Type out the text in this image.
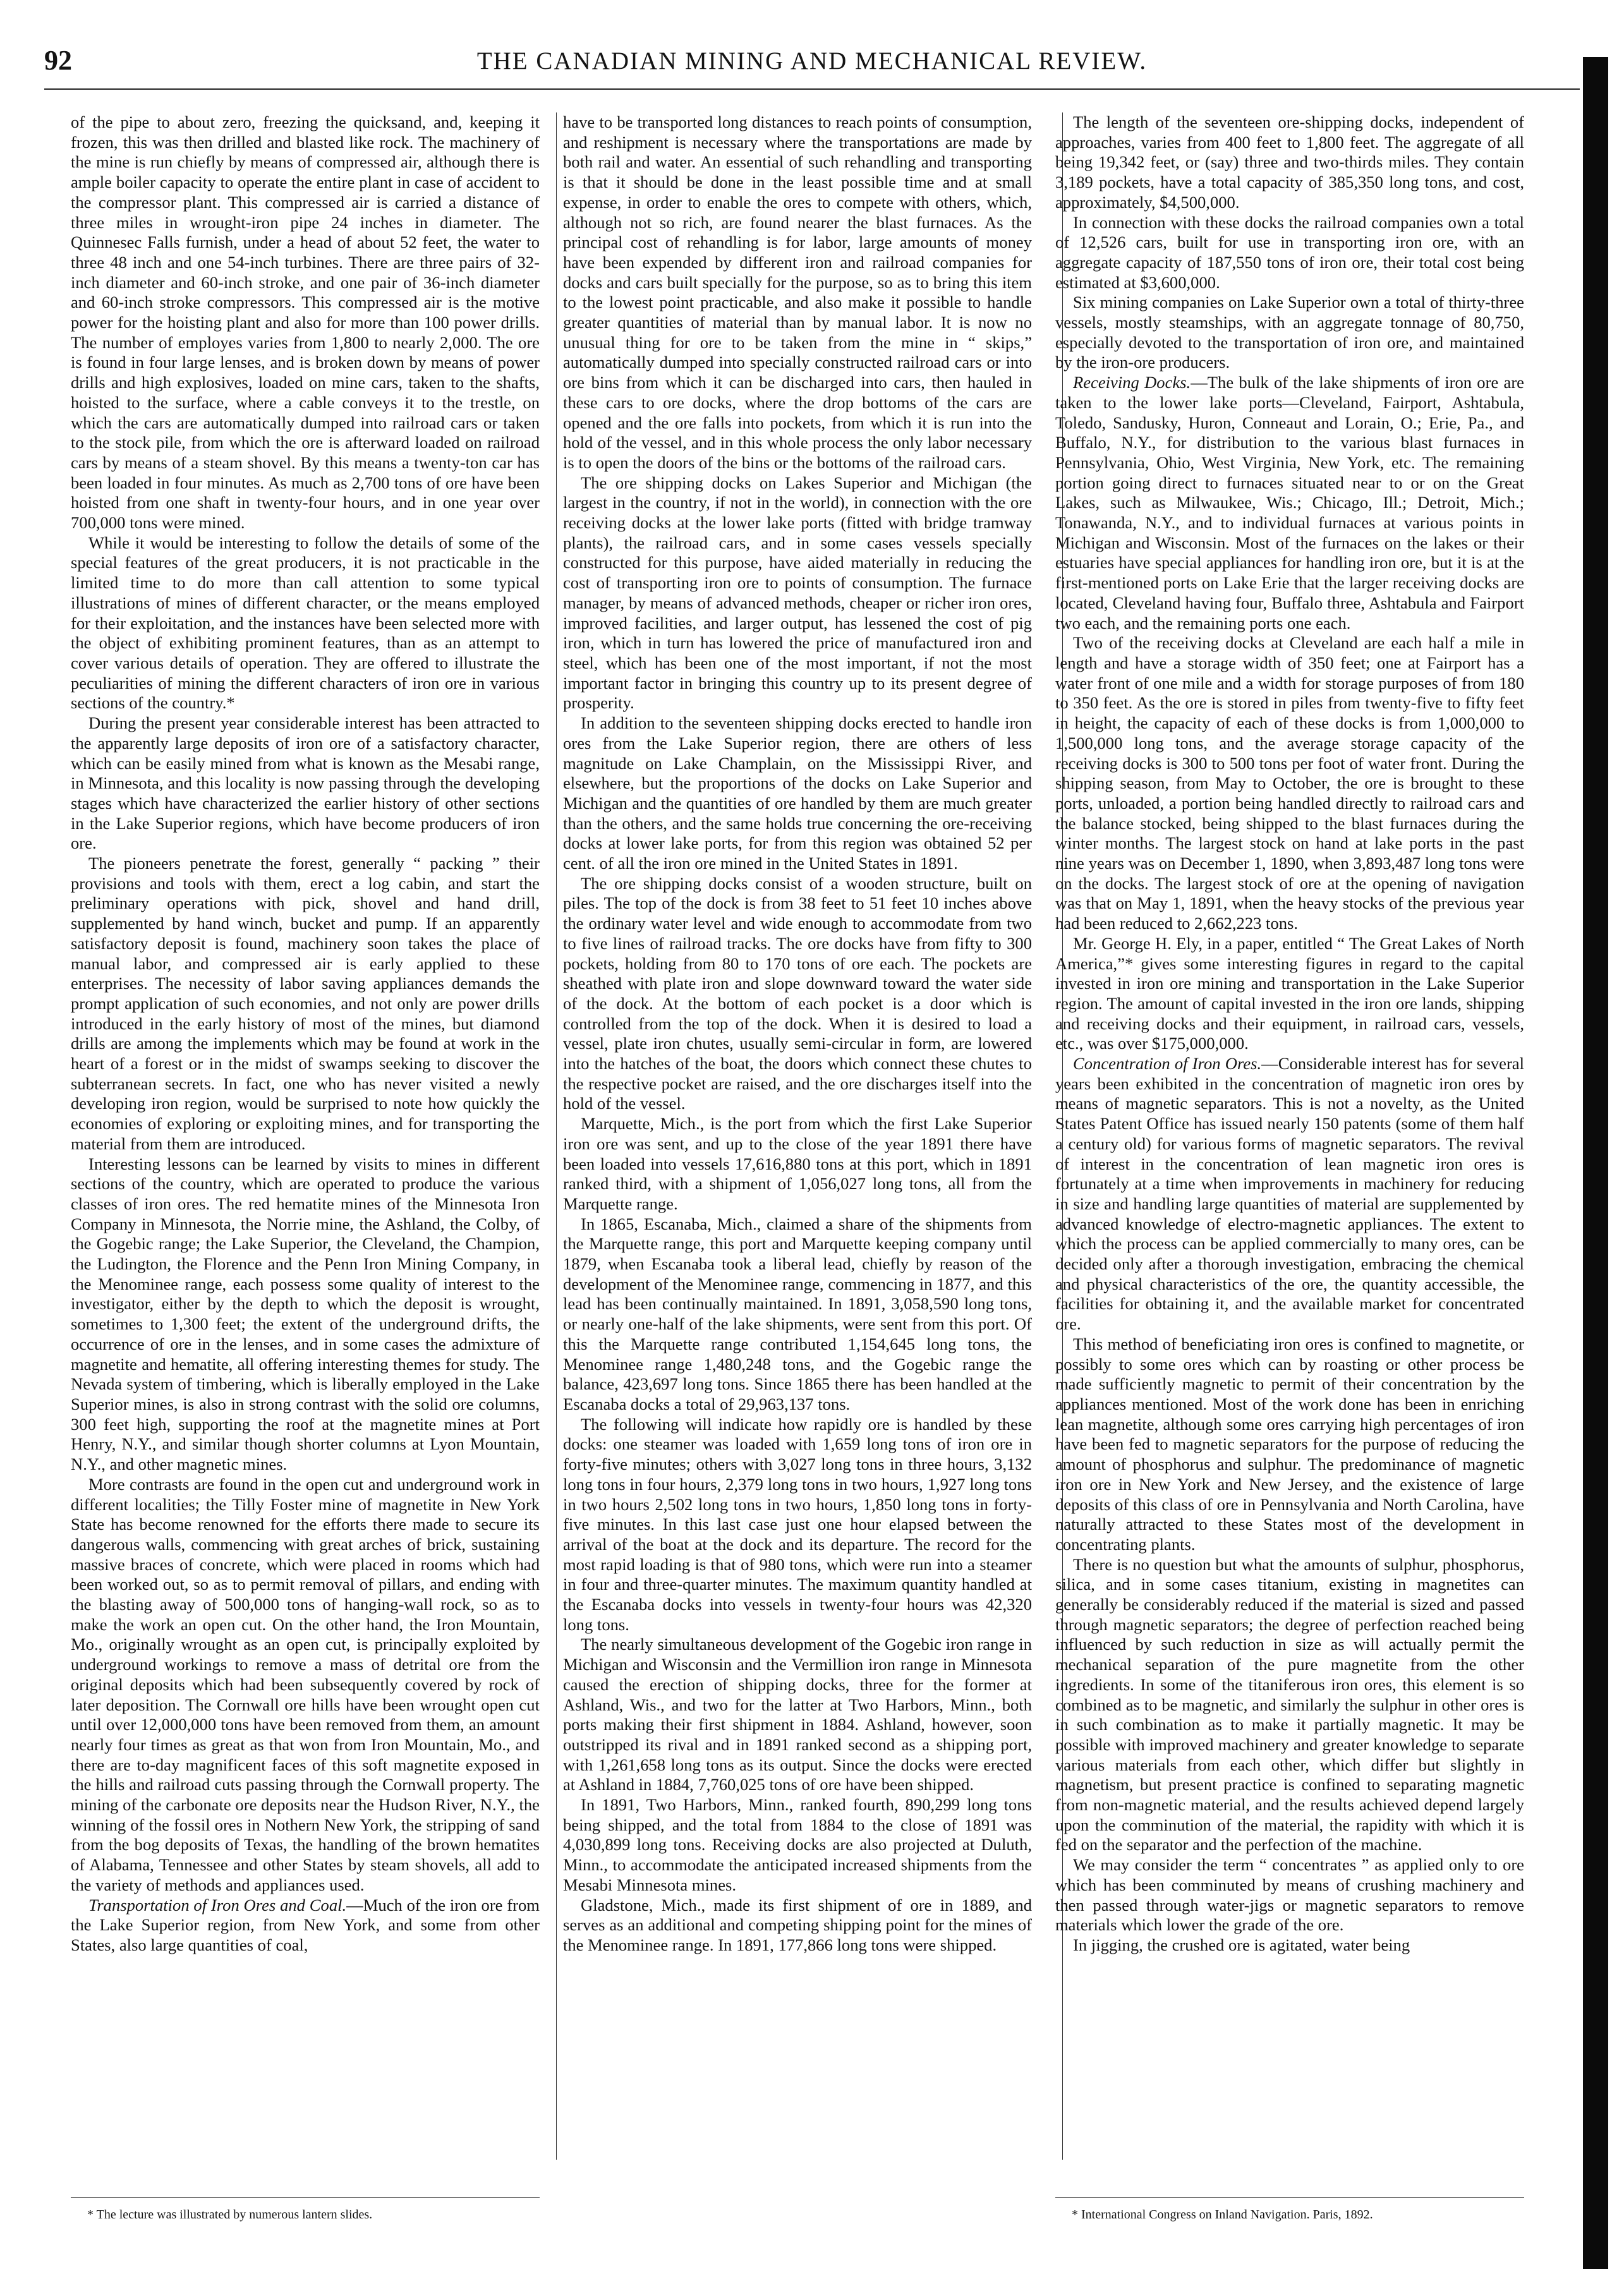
92	THE CANADIAN MINING AND MECHANICAL REVIEW.

of the pipe to about zero, freezing the quicksand, and, keeping it frozen, this was then drilled and blasted like rock. The machinery of the mine is run chiefly by means of compressed air, although there is ample boiler capacity to operate the entire plant in case of accident to the compressor plant. This compressed air is carried a distance of three miles in wrought-iron pipe 24 inches in diameter. The Quinnesec Falls furnish, under a head of about 52 feet, the water to three 48 inch and one 54-inch turbines. There are three pairs of 32-inch diameter and 60-inch stroke, and one pair of 36-inch diameter and 60-inch stroke compressors. This compressed air is the motive power for the hoisting plant and also for more than 100 power drills. The number of employes varies from 1,800 to nearly 2,000. The ore is found in four large lenses, and is broken down by means of power drills and high explosives, loaded on mine cars, taken to the shafts, hoisted to the surface, where a cable conveys it to the trestle, on which the cars are automatically dumped into railroad cars or taken to the stock pile, from which the ore is afterward loaded on railroad cars by means of a steam shovel. By this means a twenty-ton car has been loaded in four minutes. As much as 2,700 tons of ore have been hoisted from one shaft in twenty-four hours, and in one year over 700,000 tons were mined.

While it would be interesting to follow the details of some of the special features of the great producers, it is not practicable in the limited time to do more than call attention to some typical illustrations of mines of different character, or the means employed for their exploitation, and the instances have been selected more with the object of exhibiting prominent features, than as an attempt to cover various details of operation. They are offered to illustrate the peculiarities of mining the different characters of iron ore in various sections of the country.*

During the present year considerable interest has been attracted to the apparently large deposits of iron ore of a satisfactory character, which can be easily mined from what is known as the Mesabi range, in Minnesota, and this locality is now passing through the developing stages which have characterized the earlier history of other sections in the Lake Superior regions, which have become producers of iron ore.

The pioneers penetrate the forest, generally “ packing ” their provisions and tools with them, erect a log cabin, and start the preliminary operations with pick, shovel and hand drill, supplemented by hand winch, bucket and pump. If an apparently satisfactory deposit is found, machinery soon takes the place of manual labor, and compressed air is early applied to these enterprises. The necessity of labor saving appliances demands the prompt application of such economies, and not only are power drills introduced in the early history of most of the mines, but diamond drills are among the implements which may be found at work in the heart of a forest or in the midst of swamps seeking to discover the subterranean secrets. In fact, one who has never visited a newly developing iron region, would be surprised to note how quickly the economies of exploring or exploiting mines, and for transporting the material from them are introduced.

Interesting lessons can be learned by visits to mines in different sections of the country, which are operated to produce the various classes of iron ores. The red hematite mines of the Minnesota Iron Company in Minnesota, the Norrie mine, the Ashland, the Colby, of the Gogebic range; the Lake Superior, the Cleveland, the Champion, the Ludington, the Florence and the Penn Iron Mining Company, in the Menominee range, each possess some quality of interest to the investigator, either by the depth to which the deposit is wrought, sometimes to 1,300 feet; the extent of the underground drifts, the occurrence of ore in the lenses, and in some cases the admixture of magnetite and hematite, all offering interesting themes for study. The Nevada system of timbering, which is liberally employed in the Lake Superior mines, is also in strong contrast with the solid ore columns, 300 feet high, supporting the roof at the magnetite mines at Port Henry, N.Y., and similar though shorter columns at Lyon Mountain, N.Y., and other magnetic mines.

More contrasts are found in the open cut and underground work in different localities; the Tilly Foster mine of magnetite in New York State has become renowned for the efforts there made to secure its dangerous walls, commencing with great arches of brick, sustaining massive braces of concrete, which were placed in rooms which had been worked out, so as to permit removal of pillars, and ending with the blasting away of 500,000 tons of hanging-wall rock, so as to make the work an open cut. On the other hand, the Iron Mountain, Mo., originally wrought as an open cut, is principally exploited by underground workings to remove a mass of detrital ore from the original deposits which had been subsequently covered by rock of later deposition. The Cornwall ore hills have been wrought open cut until over 12,000,000 tons have been removed from them, an amount nearly four times as great as that won from Iron Mountain, Mo., and there are to-day magnificent faces of this soft magnetite exposed in the hills and railroad cuts passing through the Cornwall property. The mining of the carbonate ore deposits near the Hudson River, N.Y., the winning of the fossil ores in Nothern New York, the stripping of sand from the bog deposits of Texas, the handling of the brown hematites of Alabama, Tennessee and other States by steam shovels, all add to the variety of methods and appliances used.

Transportation of Iron Ores and Coal.—Much of the iron ore from the Lake Superior region, from New York, and some from other States, also large quantities of coal,

* The lecture was illustrated by numerous lantern slides.

have to be transported long distances to reach points of consumption, and reshipment is necessary where the transportations are made by both rail and water. An essential of such rehandling and transporting is that it should be done in the least possible time and at small expense, in order to enable the ores to compete with others, which, although not so rich, are found nearer the blast furnaces. As the principal cost of rehandling is for labor, large amounts of money have been expended by different iron and railroad companies for docks and cars built specially for the purpose, so as to bring this item to the lowest point practicable, and also make it possible to handle greater quantities of material than by manual labor. It is now no unusual thing for ore to be taken from the mine in “ skips,” automatically dumped into specially constructed railroad cars or into ore bins from which it can be discharged into cars, then hauled in these cars to ore docks, where the drop bottoms of the cars are opened and the ore falls into pockets, from which it is run into the hold of the vessel, and in this whole process the only labor necessary is to open the doors of the bins or the bottoms of the railroad cars.

The ore shipping docks on Lakes Superior and Michigan (the largest in the country, if not in the world), in connection with the ore receiving docks at the lower lake ports (fitted with bridge tramway plants), the railroad cars, and in some cases vessels specially constructed for this purpose, have aided materially in reducing the cost of transporting iron ore to points of consumption. The furnace manager, by means of advanced methods, cheaper or richer iron ores, improved facilities, and larger output, has lessened the cost of pig iron, which in turn has lowered the price of manufactured iron and steel, which has been one of the most important, if not the most important factor in bringing this country up to its present degree of prosperity.

In addition to the seventeen shipping docks erected to handle iron ores from the Lake Superior region, there are others of less magnitude on Lake Champlain, on the Mississippi River, and elsewhere, but the proportions of the docks on Lake Superior and Michigan and the quantities of ore handled by them are much greater than the others, and the same holds true concerning the ore-receiving docks at lower lake ports, for from this region was obtained 52 per cent. of all the iron ore mined in the United States in 1891.

The ore shipping docks consist of a wooden structure, built on piles. The top of the dock is from 38 feet to 51 feet 10 inches above the ordinary water level and wide enough to accommodate from two to five lines of railroad tracks. The ore docks have from fifty to 300 pockets, holding from 80 to 170 tons of ore each. The pockets are sheathed with plate iron and slope downward toward the water side of the dock. At the bottom of each pocket is a door which is controlled from the top of the dock. When it is desired to load a vessel, plate iron chutes, usually semi-circular in form, are lowered into the hatches of the boat, the doors which connect these chutes to the respective pocket are raised, and the ore discharges itself into the hold of the vessel.

Marquette, Mich., is the port from which the first Lake Superior iron ore was sent, and up to the close of the year 1891 there have been loaded into vessels 17,616,880 tons at this port, which in 1891 ranked third, with a shipment of 1,056,027 long tons, all from the Marquette range.

In 1865, Escanaba, Mich., claimed a share of the shipments from the Marquette range, this port and Marquette keeping company until 1879, when Escanaba took a liberal lead, chiefly by reason of the development of the Menominee range, commencing in 1877, and this lead has been continually maintained. In 1891, 3,058,590 long tons, or nearly one-half of the lake shipments, were sent from this port. Of this the Marquette range contributed 1,154,645 long tons, the Menominee range 1,480,248 tons, and the Gogebic range the balance, 423,697 long tons. Since 1865 there has been handled at the Escanaba docks a total of 29,963,137 tons.

The following will indicate how rapidly ore is handled by these docks: one steamer was loaded with 1,659 long tons of iron ore in forty-five minutes; others with 3,027 long tons in three hours, 3,132 long tons in four hours, 2,379 long tons in two hours, 1,927 long tons in two hours 2,502 long tons in two hours, 1,850 long tons in forty-five minutes. In this last case just one hour elapsed between the arrival of the boat at the dock and its departure. The record for the most rapid loading is that of 980 tons, which were run into a steamer in four and three-quarter minutes. The maximum quantity handled at the Escanaba docks into vessels in twenty-four hours was 42,320 long tons.

The nearly simultaneous development of the Gogebic iron range in Michigan and Wisconsin and the Vermillion iron range in Minnesota caused the erection of shipping docks, three for the former at Ashland, Wis., and two for the latter at Two Harbors, Minn., both ports making their first shipment in 1884. Ashland, however, soon outstripped its rival and in 1891 ranked second as a shipping port, with 1,261,658 long tons as its output. Since the docks were erected at Ashland in 1884, 7,760,025 tons of ore have been shipped.

In 1891, Two Harbors, Minn., ranked fourth, 890,299 long tons being shipped, and the total from 1884 to the close of 1891 was 4,030,899 long tons. Receiving docks are also projected at Duluth, Minn., to accommodate the anticipated increased shipments from the Mesabi Minnesota mines.

Gladstone, Mich., made its first shipment of ore in 1889, and serves as an additional and competing shipping point for the mines of the Menominee range. In 1891, 177,866 long tons were shipped.

The length of the seventeen ore-shipping docks, independent of approaches, varies from 400 feet to 1,800 feet. The aggregate of all being 19,342 feet, or (say) three and two-thirds miles. They contain 3,189 pockets, have a total capacity of 385,350 long tons, and cost, approximately, $4,500,000.

In connection with these docks the railroad companies own a total of 12,526 cars, built for use in transporting iron ore, with an aggregate capacity of 187,550 tons of iron ore, their total cost being estimated at $3,600,000.

Six mining companies on Lake Superior own a total of thirty-three vessels, mostly steamships, with an aggregate tonnage of 80,750, especially devoted to the transportation of iron ore, and maintained by the iron-ore producers.

Receiving Docks.—The bulk of the lake shipments of iron ore are taken to the lower lake ports—Cleveland, Fairport, Ashtabula, Toledo, Sandusky, Huron, Conneaut and Lorain, O.; Erie, Pa., and Buffalo, N.Y., for distribution to the various blast furnaces in Pennsylvania, Ohio, West Virginia, New York, etc. The remaining portion going direct to furnaces situated near to or on the Great Lakes, such as Milwaukee, Wis.; Chicago, Ill.; Detroit, Mich.; Tonawanda, N.Y., and to individual furnaces at various points in Michigan and Wisconsin. Most of the furnaces on the lakes or their estuaries have special appliances for handling iron ore, but it is at the first-mentioned ports on Lake Erie that the larger receiving docks are located, Cleveland having four, Buffalo three, Ashtabula and Fairport two each, and the remaining ports one each.

Two of the receiving docks at Cleveland are each half a mile in length and have a storage width of 350 feet; one at Fairport has a water front of one mile and a width for storage purposes of from 180 to 350 feet. As the ore is stored in piles from twenty-five to fifty feet in height, the capacity of each of these docks is from 1,000,000 to 1,500,000 long tons, and the average storage capacity of the receiving docks is 300 to 500 tons per foot of water front. During the shipping season, from May to October, the ore is brought to these ports, unloaded, a portion being handled directly to railroad cars and the balance stocked, being shipped to the blast furnaces during the winter months. The largest stock on hand at lake ports in the past nine years was on December 1, 1890, when 3,893,487 long tons were on the docks. The largest stock of ore at the opening of navigation was that on May 1, 1891, when the heavy stocks of the previous year had been reduced to 2,662,223 tons.

Mr. George H. Ely, in a paper, entitled “ The Great Lakes of North America,”* gives some interesting figures in regard to the capital invested in iron ore mining and transportation in the Lake Superior region. The amount of capital invested in the iron ore lands, shipping and receiving docks and their equipment, in railroad cars, vessels, etc., was over $175,000,000.

Concentration of Iron Ores.—Considerable interest has for several years been exhibited in the concentration of magnetic iron ores by means of magnetic separators. This is not a novelty, as the United States Patent Office has issued nearly 150 patents (some of them half a century old) for various forms of magnetic separators. The revival of interest in the concentration of lean magnetic iron ores is fortunately at a time when improvements in machinery for reducing in size and handling large quantities of material are supplemented by advanced knowledge of electro-magnetic appliances. The extent to which the process can be applied commercially to many ores, can be decided only after a thorough investigation, embracing the chemical and physical characteristics of the ore, the quantity accessible, the facilities for obtaining it, and the available market for concentrated ore.

This method of beneficiating iron ores is confined to magnetite, or possibly to some ores which can by roasting or other process be made sufficiently magnetic to permit of their concentration by the appliances mentioned. Most of the work done has been in enriching lean magnetite, although some ores carrying high percentages of iron have been fed to magnetic separators for the purpose of reducing the amount of phosphorus and sulphur. The predominance of magnetic iron ore in New York and New Jersey, and the existence of large deposits of this class of ore in Pennsylvania and North Carolina, have naturally attracted to these States most of the development in concentrating plants.

There is no question but what the amounts of sulphur, phosphorus, silica, and in some cases titanium, existing in magnetites can generally be considerably reduced if the material is sized and passed through magnetic separators; the degree of perfection reached being influenced by such reduction in size as will actually permit the mechanical separation of the pure magnetite from the other ingredients. In some of the titaniferous iron ores, this element is so combined as to be magnetic, and similarly the sulphur in other ores is in such combination as to make it partially magnetic. It may be possible with improved machinery and greater knowledge to separate various materials from each other, which differ but slightly in magnetism, but present practice is confined to separating magnetic from non-magnetic material, and the results achieved depend largely upon the comminution of the material, the rapidity with which it is fed on the separator and the perfection of the machine.

We may consider the term “ concentrates ” as applied only to ore which has been comminuted by means of crushing machinery and then passed through water-jigs or magnetic separators to remove materials which lower the grade of the ore.

In jigging, the crushed ore is agitated, water being

* International Congress on Inland Navigation. Paris, 1892.
